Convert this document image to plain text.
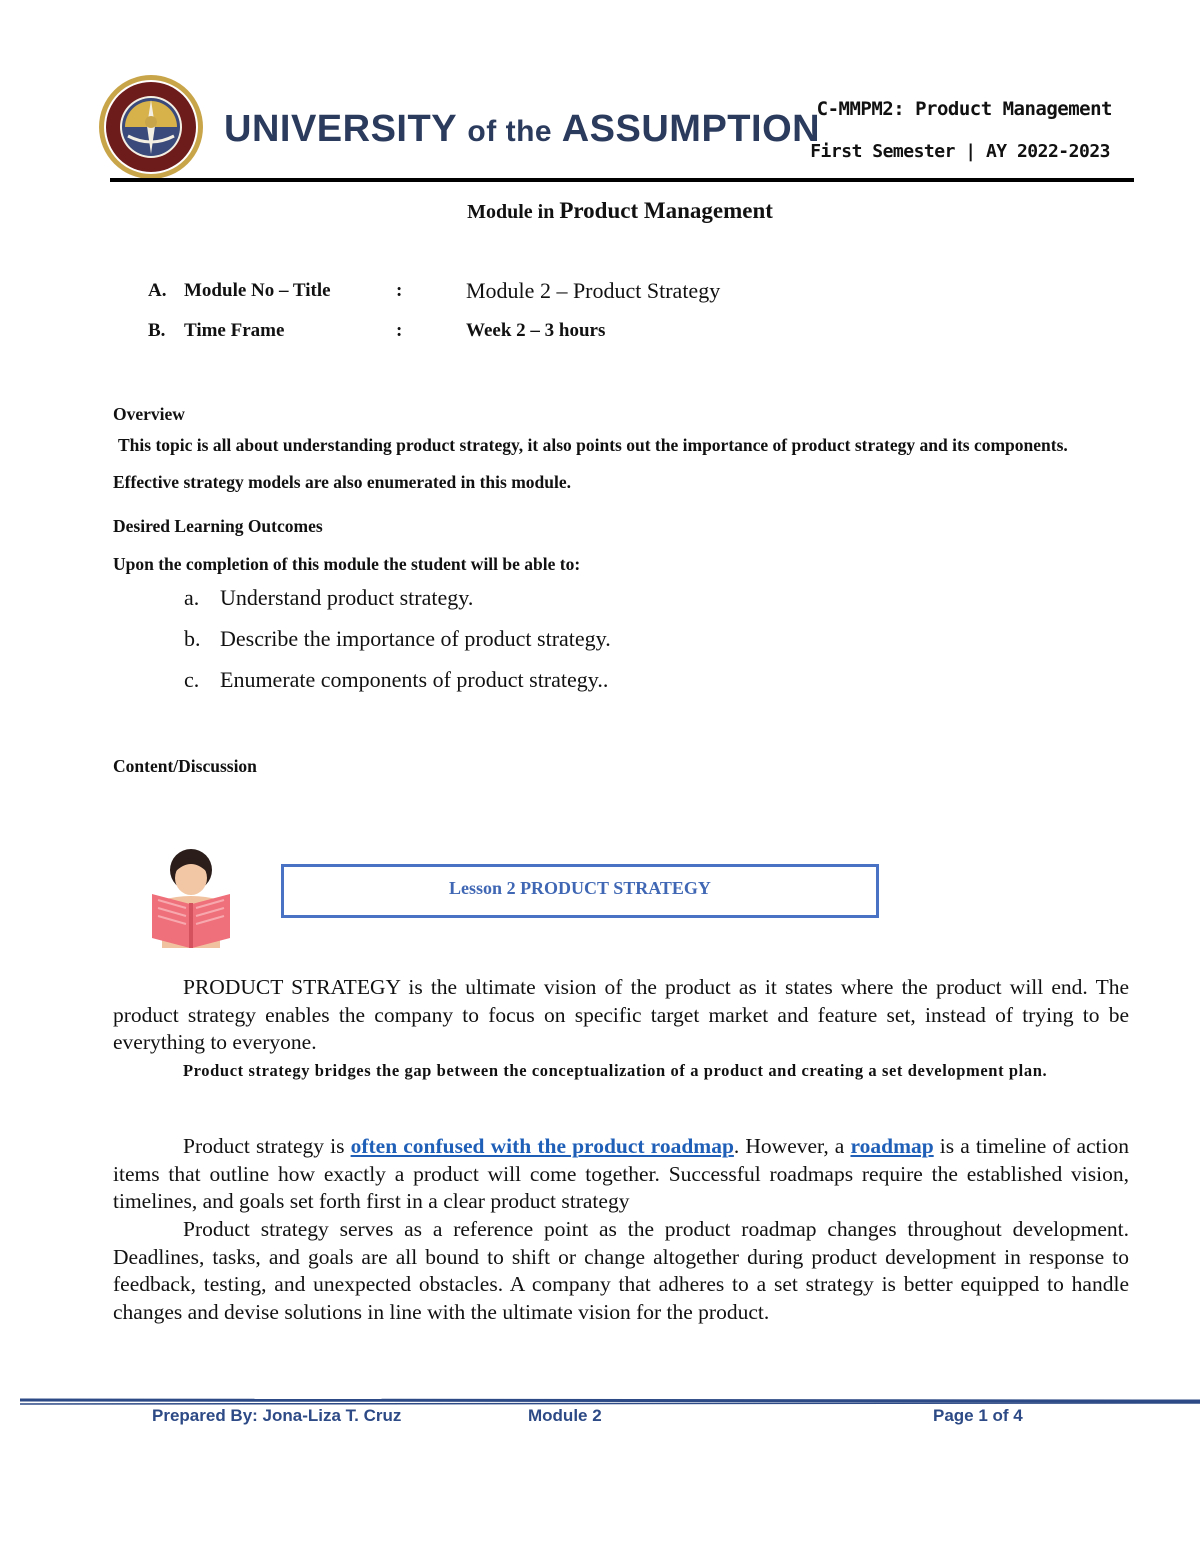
UNIVERSITY of the ASSUMPTION
C-MMPM2: Product Management
First Semester | AY 2022-2023
Module in Product Management
A. Module No – Title	:	Module 2 – Product Strategy
B. Time Frame	:	Week 2 – 3 hours
Overview
This topic is all about understanding product strategy, it also points out the importance of product strategy and its components. Effective strategy models are also enumerated in this module.
Desired Learning Outcomes
Upon the completion of this module the student will be able to:
a. Understand product strategy.
b. Describe the importance of product strategy.
c. Enumerate components of product strategy..
Content/Discussion
Lesson 2 PRODUCT STRATEGY
PRODUCT STRATEGY is the ultimate vision of the product as it states where the product will end. The product strategy enables the company to focus on specific target market and feature set, instead of trying to be everything to everyone.
Product strategy bridges the gap between the conceptualization of a product and creating a set development plan.
Product strategy is often confused with the product roadmap. However, a roadmap is a timeline of action items that outline how exactly a product will come together. Successful roadmaps require the established vision, timelines, and goals set forth first in a clear product strategy
Product strategy serves as a reference point as the product roadmap changes throughout development. Deadlines, tasks, and goals are all bound to shift or change altogether during product development in response to feedback, testing, and unexpected obstacles. A company that adheres to a set strategy is better equipped to handle changes and devise solutions in line with the ultimate vision for the product.
Prepared By: Jona-Liza T. Cruz	Module 2	Page 1 of 4
